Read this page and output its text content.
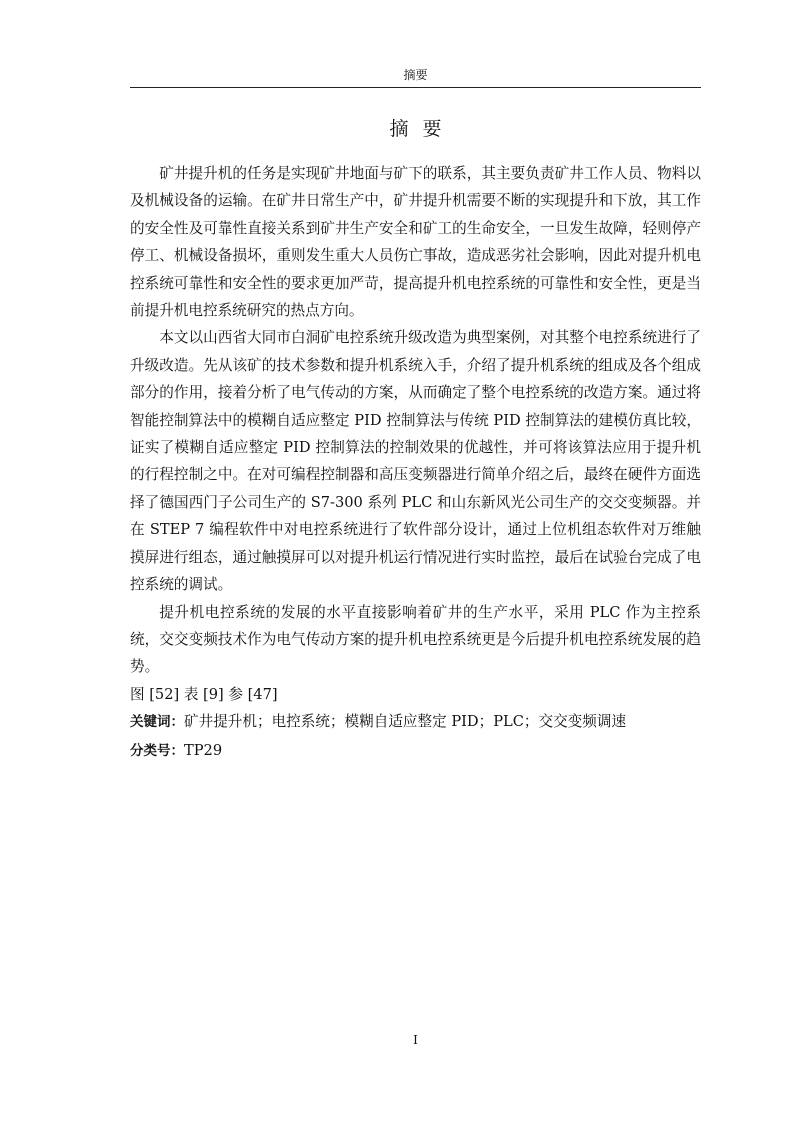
摘要
摘要

矿井提升机的任务是实现矿井地面与矿下的联系，其主要负责矿井工作人员、物料以及机械设备的运输。在矿井日常生产中，矿井提升机需要不断的实现提升和下放，其工作的安全性及可靠性直接关系到矿井生产安全和矿工的生命安全，一旦发生故障，轻则停产停工、机械设备损坏，重则发生重大人员伤亡事故，造成恶劣社会影响，因此对提升机电控系统可靠性和安全性的要求更加严苛，提高提升机电控系统的可靠性和安全性，更是当前提升机电控系统研究的热点方向。

本文以山西省大同市白洞矿电控系统升级改造为典型案例，对其整个电控系统进行了升级改造。先从该矿的技术参数和提升机系统入手，介绍了提升机系统的组成及各个组成部分的作用，接着分析了电气传动的方案，从而确定了整个电控系统的改造方案。通过将智能控制算法中的模糊自适应整定 PID 控制算法与传统 PID 控制算法的建模仿真比较，证实了模糊自适应整定 PID 控制算法的控制效果的优越性，并可将该算法应用于提升机的行程控制之中。在对可编程控制器和高压变频器进行简单介绍之后，最终在硬件方面选择了德国西门子公司生产的 S7-300 系列 PLC 和山东新风光公司生产的交交变频器。并在 STEP 7 编程软件中对电控系统进行了软件部分设计，通过上位机组态软件对万维触摸屏进行组态，通过触摸屏可以对提升机运行情况进行实时监控，最后在试验台完成了电控系统的调试。

提升机电控系统的发展的水平直接影响着矿井的生产水平，采用 PLC 作为主控系统，交交变频技术作为电气传动方案的提升机电控系统更是今后提升机电控系统发展的趋势。

图 [52] 表 [9] 参 [47]
关键词：矿井提升机；电控系统；模糊自适应整定 PID；PLC；交交变频调速
分类号：TP29
I
